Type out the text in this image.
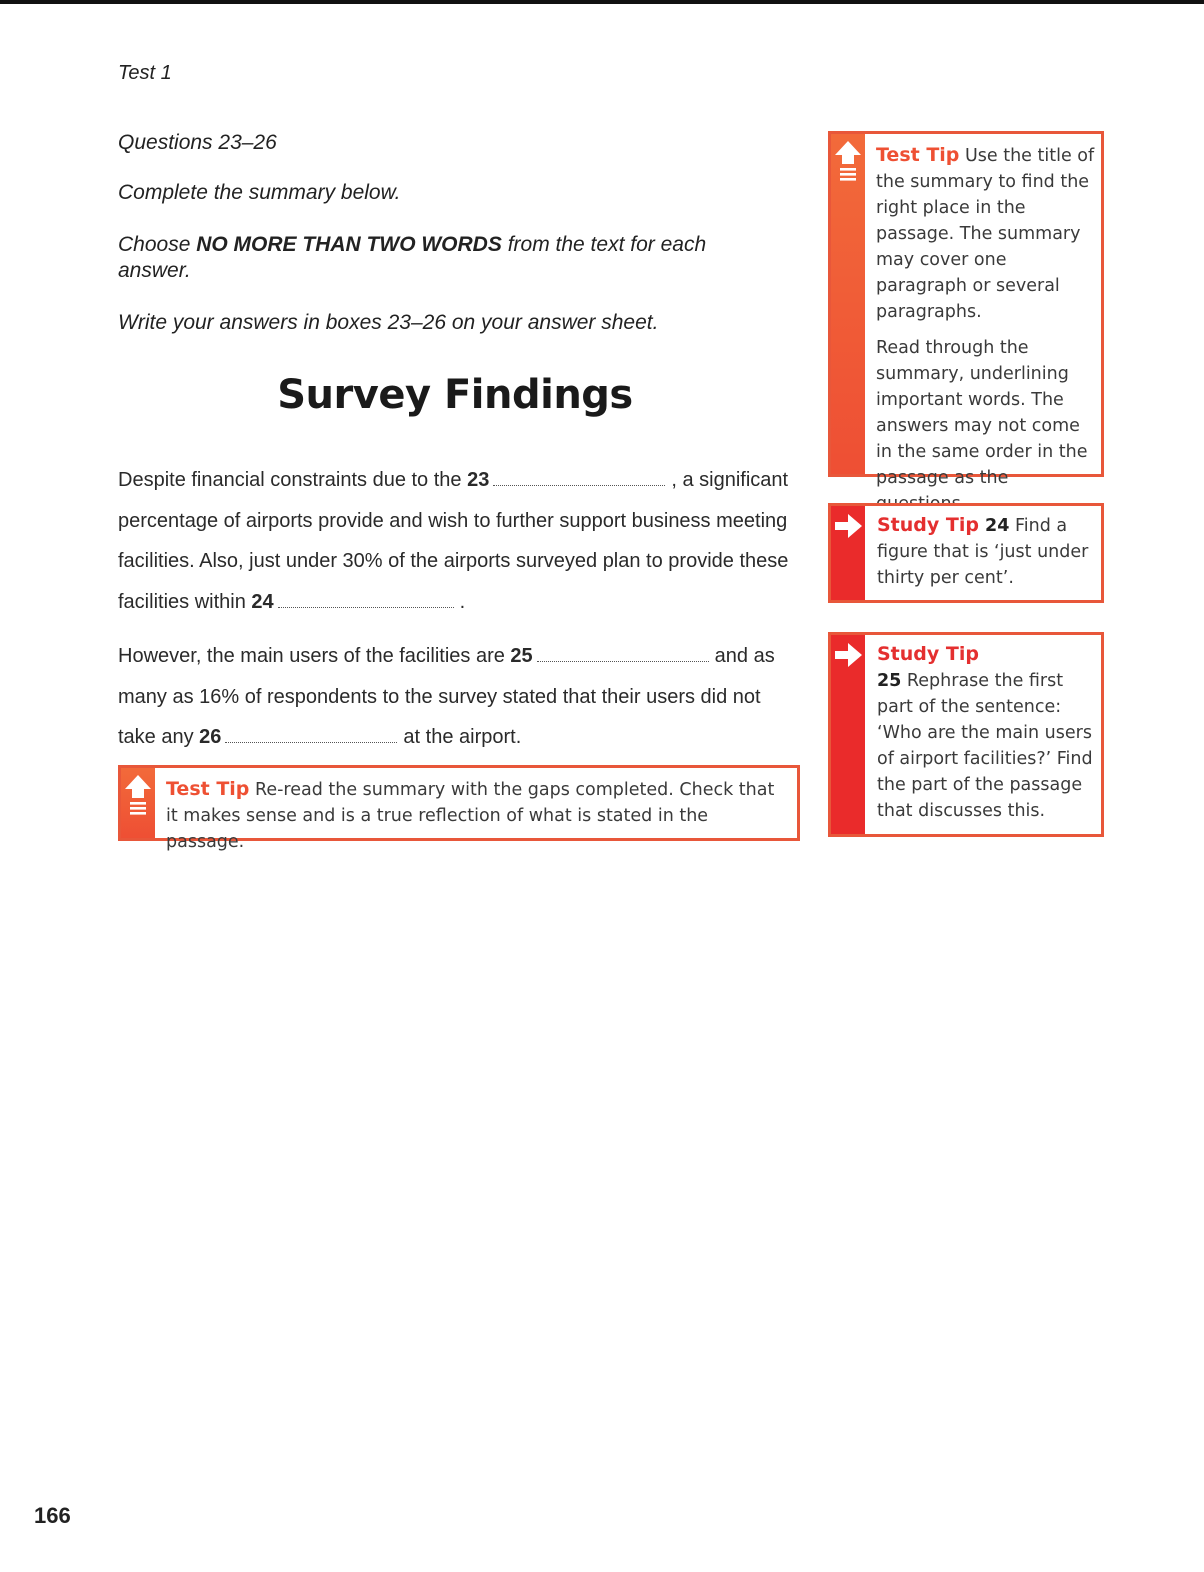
Test 1

Questions 23–26

Complete the summary below.

Choose NO MORE THAN TWO WORDS from the text for each answer.

Write your answers in boxes 23–26 on your answer sheet.

Survey Findings

Despite financial constraints due to the 23	, a significant percentage of airports provide and wish to further support business meeting facilities. Also, just under 30% of the airports surveyed plan to provide these facilities within 24	.

However, the main users of the facilities are 25	and as many as 16% of respondents to the survey stated that their users did not take any 26	at the airport.

Test Tip Use the title of the summary to find the right place in the passage. The summary may cover one paragraph or several paragraphs.

Read through the summary, underlining important words. The answers may not come in the same order in the passage as the

Study Tip 24 Find a figure that is ‘just under thirty per cent’.

Study Tip

25 Rephrase the first part of the sentence: ‘Who are the main users of airport facilities?’ Find the part of the passage that discusses this.

Test Tip Re-read the summary with the gaps completed. Check that it makes sense and is a true reflection of what is stated in the passage.

166
